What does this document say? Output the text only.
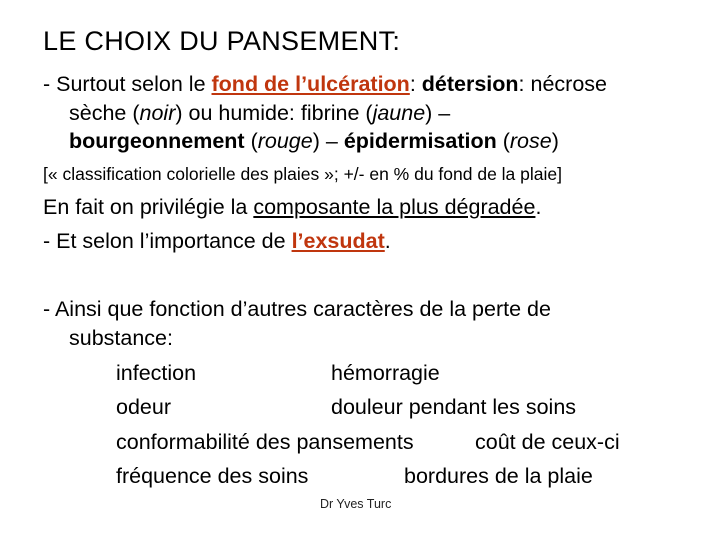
LE CHOIX DU PANSEMENT:
- Surtout selon le fond de l’ulcération: détersion: nécrose
sèche (noir) ou humide: fibrine (jaune) –
bourgeonnement (rouge) – épidermisation (rose)
[« classification colorielle des plaies »; +/- en % du fond de la plaie]
En fait on privilégie la composante la plus dégradée.
- Et selon l’importance de l’exsudat.
- Ainsi que fonction d’autres caractères de la perte de
substance:
infection	hémorragie
odeur	douleur pendant les soins
conformabilité des pansements	coût de ceux-ci
fréquence des soins	bordures de la plaie
Dr Yves Turc
